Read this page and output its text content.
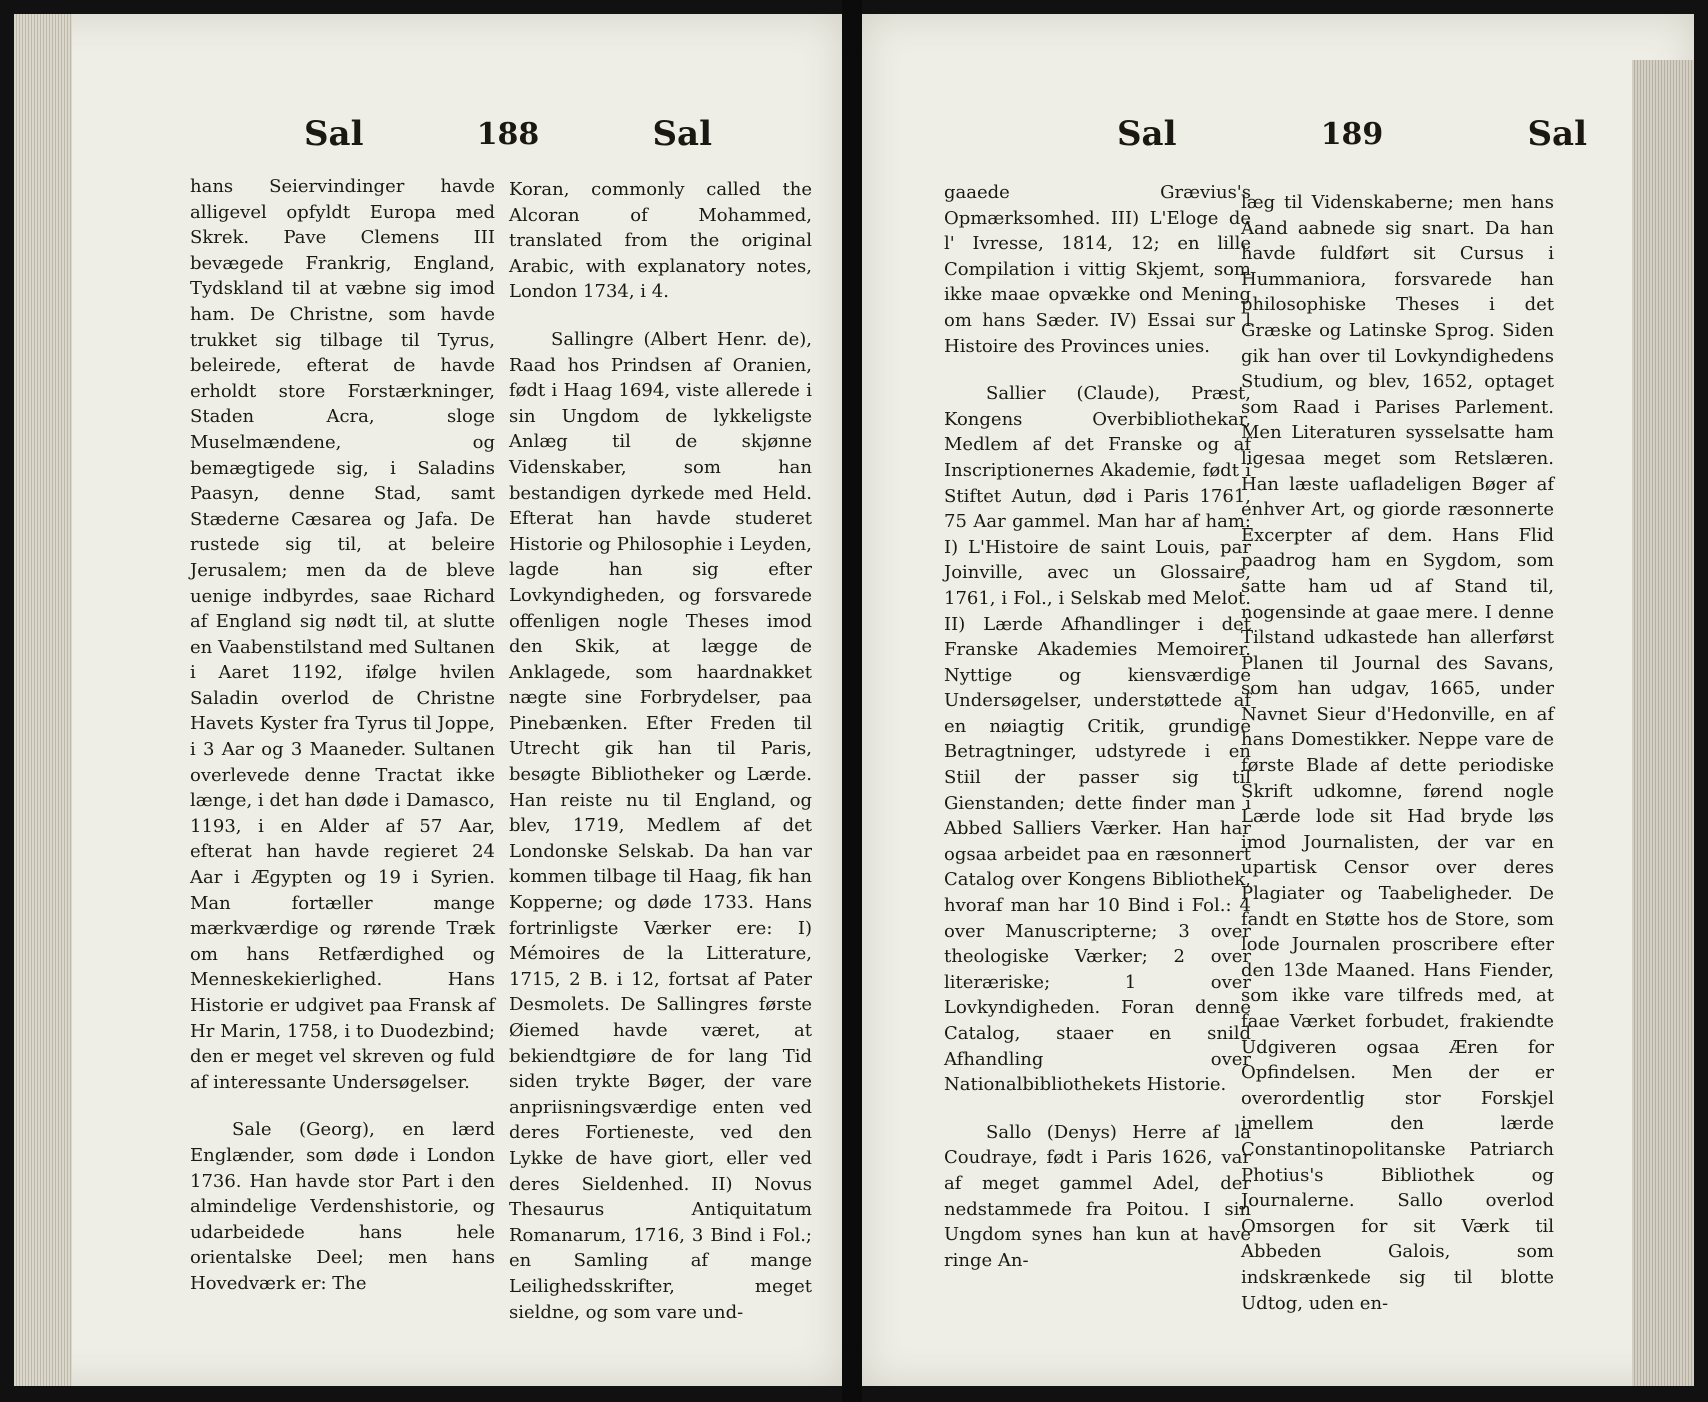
Sal	188	Sal

hans Seiervindinger havde alligevel opfyldt Europa med Skrek. Pave Clemens III bevægede Frankrig, England, Tydskland til at væbne sig imod ham. De Christne, som havde trukket sig tilbage til Tyrus, beleirede, efterat de havde erholdt store Forstærkninger, Staden Acra, sloge Muselmændene, og bemægtigede sig, i Saladins Paasyn, denne Stad, samt Stæderne Cæsarea og Jafa. De rustede sig til, at beleire Jerusalem; men da de bleve uenige indbyrdes, saae Richard af England sig nødt til, at slutte en Vaabenstilstand med Sultanen i Aaret 1192, ifølge hvilen Saladin overlod de Christne Havets Kyster fra Tyrus til Joppe, i 3 Aar og 3 Maaneder. Sultanen overlevede denne Tractat ikke længe, i det han døde i Damasco, 1193, i en Alder af 57 Aar, efterat han havde regieret 24 Aar i Ægypten og 19 i Syrien. Man fortæller mange mærkværdige og rørende Træk om hans Retfærdighed og Menneskekierlighed. Hans Historie er udgivet paa Fransk af Hr Marin, 1758, i to Duodezbind; den er meget vel skreven og fuld af interessante Undersøgelser.

Sale (Georg), en lærd Englænder, som døde i London 1736. Han havde stor Part i den almindelige Verdenshistorie, og udarbeidede hans hele orientalske Deel; men hans Hovedværk er: The

Koran, commonly called the Alcoran of Mohammed, translated from the original Arabic, with explanatory notes, London 1734, i 4.

Sallingre (Albert Henr. de), Raad hos Prindsen af Oranien, født i Haag 1694, viste allerede i sin Ungdom de lykkeligste Anlæg til de skjønne Videnskaber, som han bestandigen dyrkede med Held. Efterat han havde studeret Historie og Philosophie i Leyden, lagde han sig efter Lovkyndigheden, og forsvarede offenligen nogle Theses imod den Skik, at lægge de Anklagede, som haardnakket nægte sine Forbrydelser, paa Pinebænken. Efter Freden til Utrecht gik han til Paris, besøgte Bibliotheker og Lærde. Han reiste nu til England, og blev, 1719, Medlem af det Londonske Selskab. Da han var kommen tilbage til Haag, fik han Kopperne; og døde 1733. Hans fortrinligste Værker ere: I) Mémoires de la Litterature, 1715, 2 B. i 12, fortsat af Pater Desmolets. De Sallingres første Øiemed havde været, at bekiendtgiøre de for lang Tid siden trykte Bøger, der vare anpriisningsværdige enten ved deres Fortieneste, ved den Lykke de have giort, eller ved deres Sieldenhed. II) Novus Thesaurus Antiquitatum Romanarum, 1716, 3 Bind i Fol.; en Samling af mange Leilighedsskrifter, meget sieldne, og som vare und-

Sal	189	Sal

gaaede Grævius's Opmærksomhed. III) L'Eloge de l' Ivresse, 1814, 12; en lille Compilation i vittig Skjemt, som ikke maae opvække ond Mening om hans Sæder. IV) Essai sur l Histoire des Provinces unies.

Sallier (Claude), Præst, Kongens Overbibliothekar, Medlem af det Franske og af Inscriptionernes Akademie, født i Stiftet Autun, død i Paris 1761, 75 Aar gammel. Man har af ham: I) L'Histoire de saint Louis, par Joinville, avec un Glossaire, 1761, i Fol., i Selskab med Melot. II) Lærde Afhandlinger i det Franske Akademies Memoirer. Nyttige og kiensværdige Undersøgelser, understøttede af en nøiagtig Critik, grundige Betragtninger, udstyrede i en Stiil der passer sig til Gienstanden; dette finder man i Abbed Salliers Værker. Han har ogsaa arbeidet paa en ræsonnert Catalog over Kongens Bibliothek, hvoraf man har 10 Bind i Fol.: 4 over Manuscripterne; 3 over theologiske Værker; 2 over literæriske; 1 over Lovkyndigheden. Foran denne Catalog, staaer en snild Afhandling over Nationalbibliothekets Historie.

Sallo (Denys) Herre af la Coudraye, født i Paris 1626, var af meget gammel Adel, der nedstammede fra Poitou. I sin Ungdom synes han kun at have ringe An-

læg til Videnskaberne; men hans Aand aabnede sig snart. Da han havde fuldført sit Cursus i Hummaniora, forsvarede han philosophiske Theses i det Græske og Latinske Sprog. Siden gik han over til Lovkyndighedens Studium, og blev, 1652, optaget som Raad i Parises Parlement. Men Literaturen sysselsatte ham ligesaa meget som Retslæren. Han læste uafladeligen Bøger af enhver Art, og giorde ræsonnerte Excerpter af dem. Hans Flid paadrog ham en Sygdom, som satte ham ud af Stand til, nogensinde at gaae mere. I denne Tilstand udkastede han allerførst Planen til Journal des Savans, som han udgav, 1665, under Navnet Sieur d'Hedonville, en af hans Domestikker. Neppe vare de første Blade af dette periodiske Skrift udkomne, førend nogle Lærde lode sit Had bryde løs imod Journalisten, der var en upartisk Censor over deres Plagiater og Taabeligheder. De fandt en Støtte hos de Store, som lode Journalen proscribere efter den 13de Maaned. Hans Fiender, som ikke vare tilfreds med, at faae Værket forbudet, frakiendte Udgiveren ogsaa Æren for Opfindelsen. Men der er overordentlig stor Forskjel imellem den lærde Constantinopolitanske Patriarch Photius's Bibliothek og Journalerne. Sallo overlod Omsorgen for sit Værk til Abbeden Galois, som indskrænkede sig til blotte Udtog, uden en-
